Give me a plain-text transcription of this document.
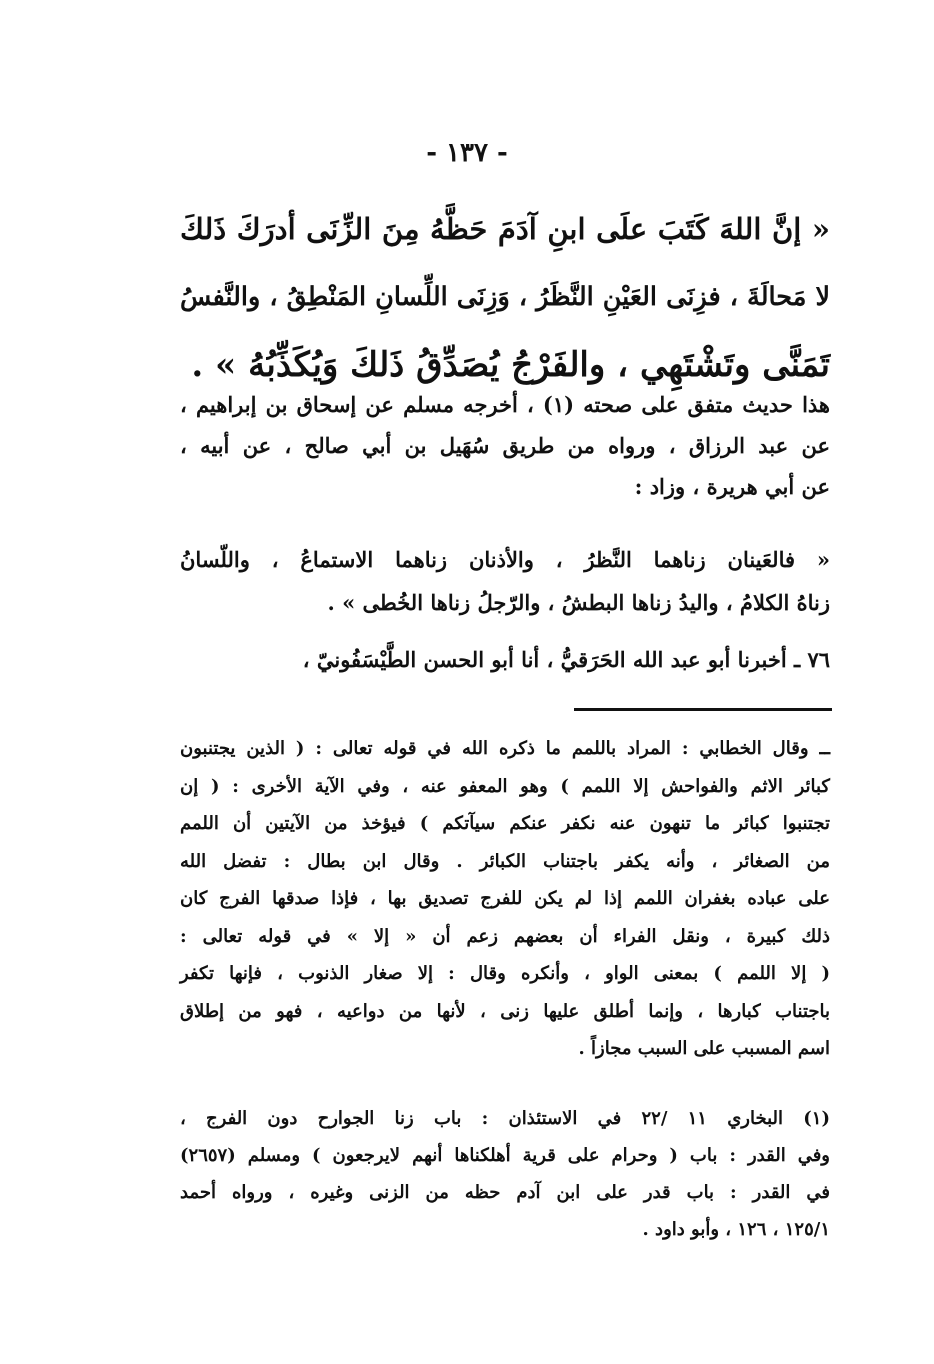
- ١٣٧ -
« إنَّ اللهَ كَتَبَ علَى ابنِ آدَمَ حَظَّهُ مِنَ الزِّنَى أدرَكَ ذَلكَ
لا مَحالَةَ ، فزِنَى العَيْنِ النَّظَرُ ، وَزِنَى اللِّسانِ المَنْطِقُ ، والنَّفسُ
تَمَنَّى وتَشْتَهِي ، والفَرْجُ يُصَدِّقُ ذَلكَ وَيُكَذِّبُهُ » .
هذا حديث متفق على صحته (١) ، أخرجه مسلم عن إسحاق بن إبراهيم ،
عن عبد الرزاق ، ورواه من طريق سُهَيل بن أبي صالح ، عن أبيه ،
عن أبي هريرة ، وزاد :
« فالعَينان زناهما النَّظرُ ، والأذنان زناهما الاستماعُ ، واللّسانُ
زناهُ الكلامُ ، واليدُ زناها البطشُ ، والرّجلُ زناها الخُطى » .
٧٦ ـ أخبرنا أبو عبد الله الحَرَقيُّ ، أنا أبو الحسن الطَّيْسَفُونيّ ،
ــ وقال الخطابي : المراد باللمم ما ذكره الله في قوله تعالى : ( الذين يجتنبون
كبائر الاثم والفواحش إلا اللمم ) وهو المعفو عنه ، وفي الآية الأخرى : ( إن
تجتنبوا كبائر ما تنهون عنه نكفر عنكم سيآتكم ) فيؤخذ من الآيتين أن اللمم
من الصغائر ، وأنه يكفر باجتناب الكبائر . وقال ابن بطال : تفضل الله
على عباده بغفران اللمم إذا لم يكن للفرج تصديق بها ، فإذا صدقها الفرج كان
ذلك كبيرة ، ونقل الفراء أن بعضهم زعم أن « إلا » في قوله تعالى :
( إلا اللمم ) بمعنى الواو ، وأنكره وقال : إلا صغار الذنوب ، فإنها تكفر
باجتناب كبارها ، وإنما أطلق عليها زنى ، لأنها من دواعيه ، فهو من إطلاق
اسم المسبب على السبب مجازاً .
(١) البخاري ١١ /٢٢ في الاستئذان : باب زنا الجوارح دون الفرج ،
وفي القدر : باب ( وحرام على قرية أهلكناها أنهم لايرجعون ) ومسلم (٢٦٥٧)
في القدر : باب قدر على ابن آدم حظه من الزنى وغيره ، ورواه أحمد
١٢٥/١ ، ١٢٦ ، وأبو داود .
